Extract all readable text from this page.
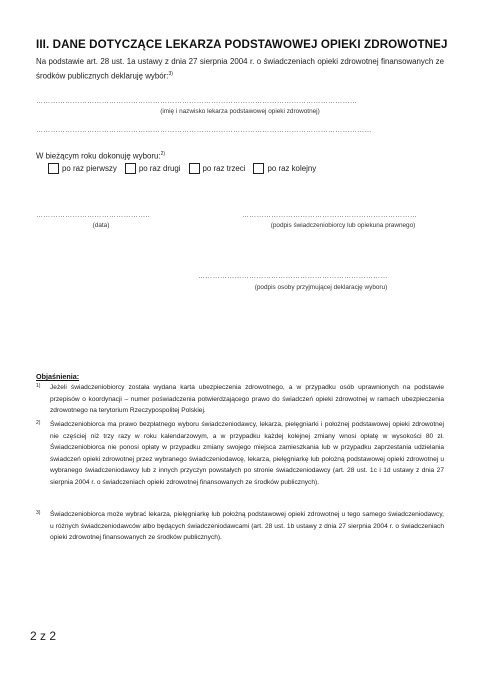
III. DANE DOTYCZĄCE LEKARZA PODSTAWOWEJ OPIEKI ZDROWOTNEJ
Na podstawie art. 28 ust. 1a ustawy z dnia 27 sierpnia 2004 r. o świadczeniach opieki zdrowotnej finansowanych ze środków publicznych deklaruję wybór:$^{3)}$
……………………………………………………………………………………………………………………
(imię i nazwisko lekarza podstawowej opieki zdrowotnej)
…………………………………………………………………………………………………………………………
W bieżącym roku dokonuję wyboru:$^{2)}$
po raz pierwszy	po raz drugi	po raz trzeci	po raz kolejny
………………………………………..
(data)
………………………………………………………………
(podpis świadczeniobiorcy lub opiekuna prawnego)
……………………………………………………………………
(podpis osoby przyjmującej deklarację wyboru)
Objaśnienia:
1)	Jeżeli świadczeniobiorcy została wydana karta ubezpieczenia zdrowotnego, a w przypadku osób uprawnionych na podstawie przepisów o koordynacji – numer poświadczenia potwierdzającego prawo do świadczeń opieki zdrowotnej w ramach ubezpieczenia zdrowotnego na terytorium Rzeczypospolitej Polskiej.
2)	Świadczeniobiorca ma prawo bezpłatnego wyboru świadczeniodawcy, lekarza, pielęgniarki i położnej podstawowej opieki zdrowotnej nie częściej niż trzy razy w roku kalendarzowym, a w przypadku każdej kolejnej zmiany wnosi opłatę w wysokości 80 zł. Świadczeniobiorca nie ponosi opłaty w przypadku zmiany swojego miejsca zamieszkania lub w przypadku zaprzestania udzielania świadczeń opieki zdrowotnej przez wybranego świadczeniodawcę, lekarza, pielęgniarkę lub położną podstawowej opieki zdrowotnej u wybranego świadczeniodawcy lub z innych przyczyn powstałych po stronie świadczeniodawcy (art. 28 ust. 1c i 1d ustawy z dnia 27 sierpnia 2004 r. o świadczeniach opieki zdrowotnej finansowanych ze środków publicznych).
3)	Świadczeniobiorca może wybrać lekarza, pielęgniarkę lub położną podstawowej opieki zdrowotnej u tego samego świadczeniodawcy, u różnych świadczeniodawców albo będących świadczeniodawcami (art. 28 ust. 1b ustawy z dnia 27 sierpnia 2004 r. o świadczeniach opieki zdrowotnej finansowanych ze środków publicznych).
2 z 2
